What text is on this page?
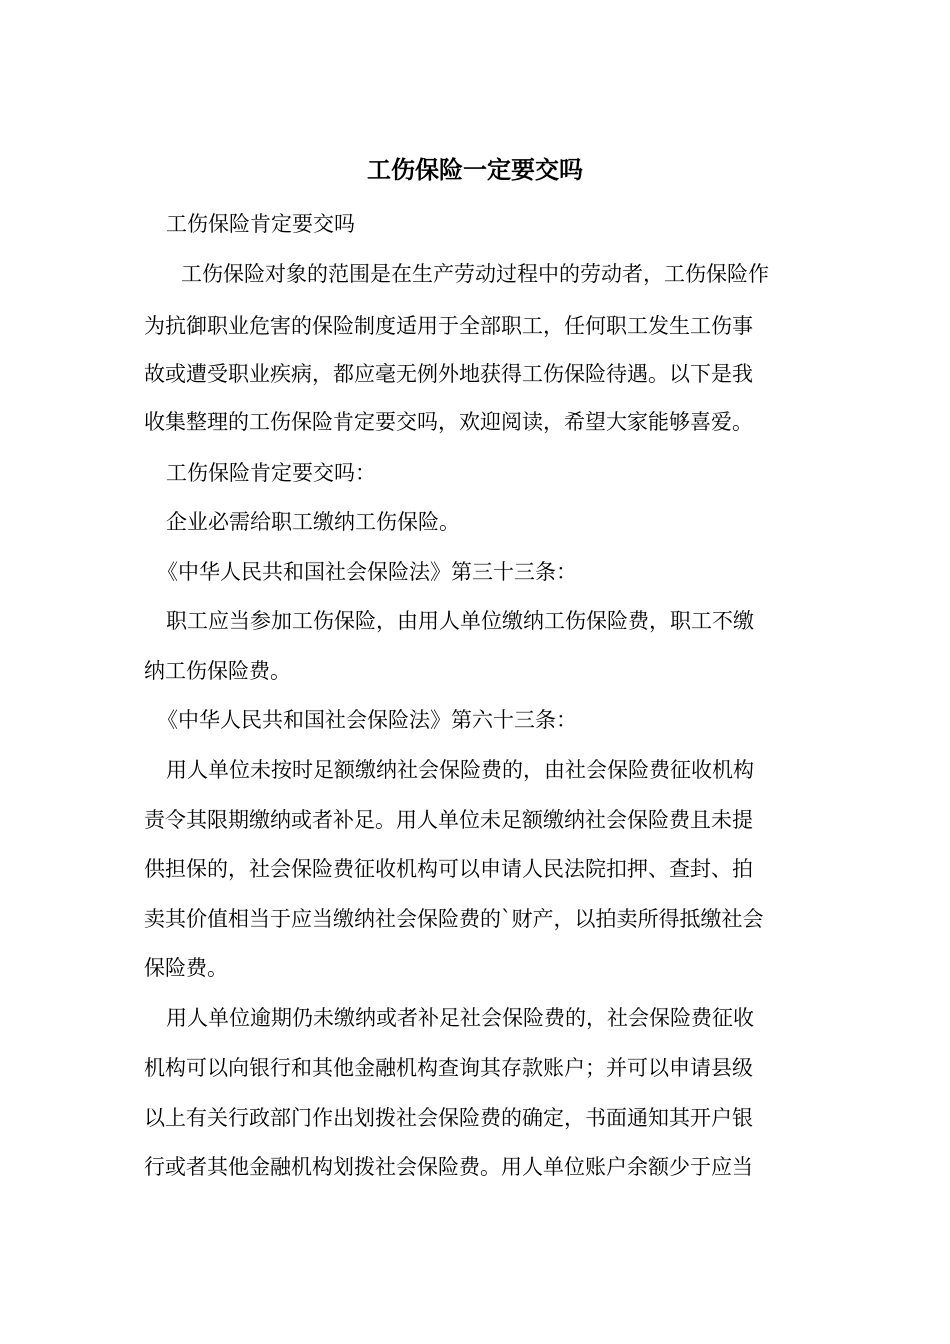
工伤保险一定要交吗
工伤保险肯定要交吗
工伤保险对象的范围是在生产劳动过程中的劳动者，工伤保险作
为抗御职业危害的保险制度适用于全部职工，任何职工发生工伤事
故或遭受职业疾病，都应毫无例外地获得工伤保险待遇。以下是我
收集整理的工伤保险肯定要交吗，欢迎阅读，希望大家能够喜爱。
工伤保险肯定要交吗：
企业必需给职工缴纳工伤保险。
《中华人民共和国社会保险法》第三十三条：
职工应当参加工伤保险，由用人单位缴纳工伤保险费，职工不缴
纳工伤保险费。
《中华人民共和国社会保险法》第六十三条：
用人单位未按时足额缴纳社会保险费的，由社会保险费征收机构
责令其限期缴纳或者补足。用人单位未足额缴纳社会保险费且未提
供担保的，社会保险费征收机构可以申请人民法院扣押、查封、拍
卖其价值相当于应当缴纳社会保险费的`财产，以拍卖所得抵缴社会
保险费。
用人单位逾期仍未缴纳或者补足社会保险费的，社会保险费征收
机构可以向银行和其他金融机构查询其存款账户；并可以申请县级
以上有关行政部门作出划拨社会保险费的确定，书面通知其开户银
行或者其他金融机构划拨社会保险费。用人单位账户余额少于应当
